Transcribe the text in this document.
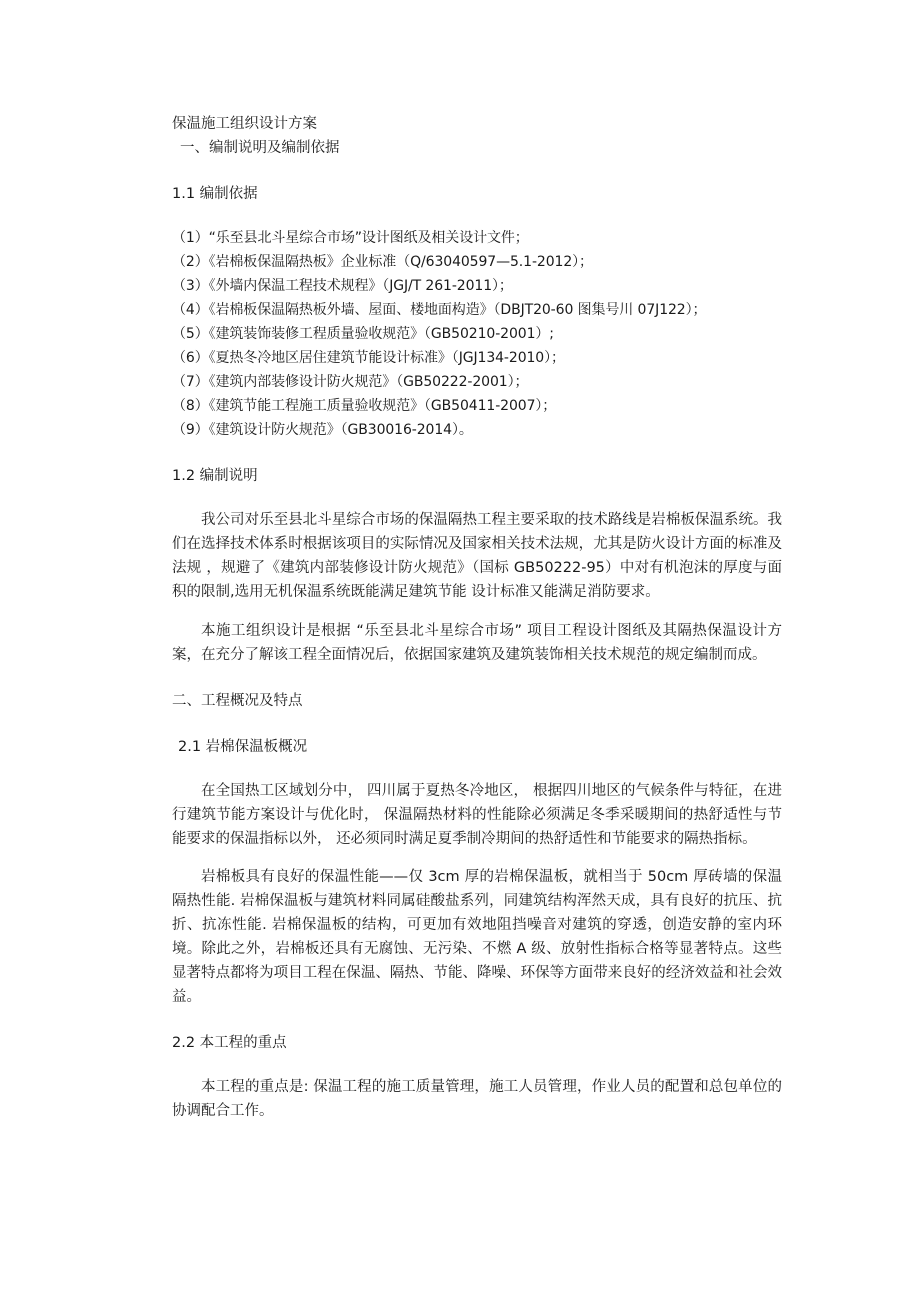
保温施工组织设计方案
一、编制说明及编制依据
1.1 编制依据
（1）“乐至县北斗星综合市场”设计图纸及相关设计文件；
（2）《岩棉板保温隔热板》企业标准（Q/63040597—5.1-2012）；
（3）《外墙内保温工程技术规程》（JGJ/T 261-2011）；
（4）《岩棉板保温隔热板外墙、屋面、楼地面构造》（DBJT20-60 图集号川 07J122）；
（5）《建筑装饰装修工程质量验收规范》（GB50210-2001）;
（6）《夏热冬冷地区居住建筑节能设计标准》（JGJ134-2010）；
（7）《建筑内部装修设计防火规范》（GB50222-2001）；
（8）《建筑节能工程施工质量验收规范》（GB50411-2007）；
（9）《建筑设计防火规范》（GB30016-2014）。
1.2 编制说明

我公司对乐至县北斗星综合市场的保温隔热工程主要采取的技术路线是岩棉板保温系统。我们在选择技术体系时根据该项目的实际情况及国家相关技术法规，尤其是防火设计方面的标准及法规 ，规避了《建筑内部装修设计防火规范》（国标 GB50222-95）中对有机泡沫的厚度与面积的限制,选用无机保温系统既能满足建筑节能 设计标准又能满足消防要求。

本施工组织设计是根据 “乐至县北斗星综合市场” 项目工程设计图纸及其隔热保温设计方案，在充分了解该工程全面情况后，依据国家建筑及建筑装饰相关技术规范的规定编制而成。

二、工程概况及特点
2.1 岩棉保温板概况

在全国热工区域划分中， 四川属于夏热冬冷地区， 根据四川地区的气候条件与特征，在进行建筑节能方案设计与优化时， 保温隔热材料的性能除必须满足冬季采暖期间的热舒适性与节能要求的保温指标以外， 还必须同时满足夏季制冷期间的热舒适性和节能要求的隔热指标。

岩棉板具有良好的保温性能——仅 3cm 厚的岩棉保温板，就相当于 50cm 厚砖墙的保温隔热性能. 岩棉保温板与建筑材料同属硅酸盐系列，同建筑结构浑然天成，具有良好的抗压、抗折、抗冻性能. 岩棉保温板的结构，可更加有效地阻挡噪音对建筑的穿透，创造安静的室内环境。除此之外，岩棉板还具有无腐蚀、无污染、不燃 A 级、放射性指标合格等显著特点。这些显著特点都将为项目工程在保温、隔热、节能、降噪、环保等方面带来良好的经济效益和社会效益。

2.2 本工程的重点

本工程的重点是: 保温工程的施工质量管理，施工人员管理，作业人员的配置和总包单位的协调配合工作。
